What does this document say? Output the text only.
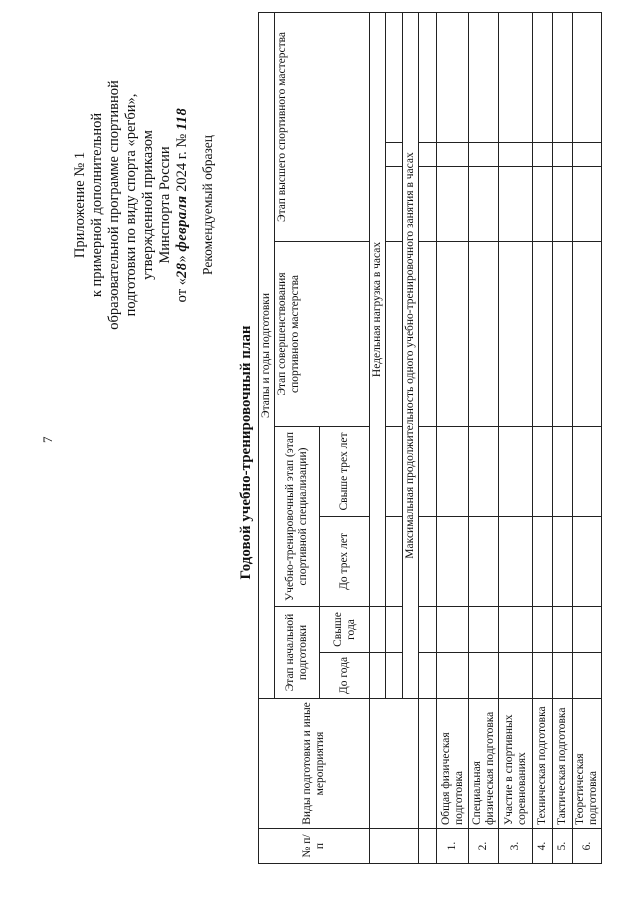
7
Приложение № 1 к примерной дополнительной образовательной программе спортивной подготовки по виду спорта «регби», утвержденной приказом Минспорта России
от «28» февраля 2024 г. № 118
Рекомендуемый образец
Годовой учебно-тренировочный план
№ п/п	Виды подготовки и иные мероприятия	Этапы и годы подготовки							
		Этап начальной подготовки		Учебно-тренировочный этап (этап спортивной специализации)		Этап совершенствования спортивного мастерства	Этап высшего спортивного мастерства		
		До года	Свыше года	До трех лет	Свыше трех лет				
				Недельная нагрузка в часах					

		Максимальная продолжительность одного учебно-тренировочного занятия в часах							

1.	Общая физическая подготовка								
2.	Специальная физическая подготовка								
3.	Участие в спортивных соревнованиях								
4.	Техническая подготовка								
5.	Тактическая подготовка								
6.	Теоретическая подготовка								
